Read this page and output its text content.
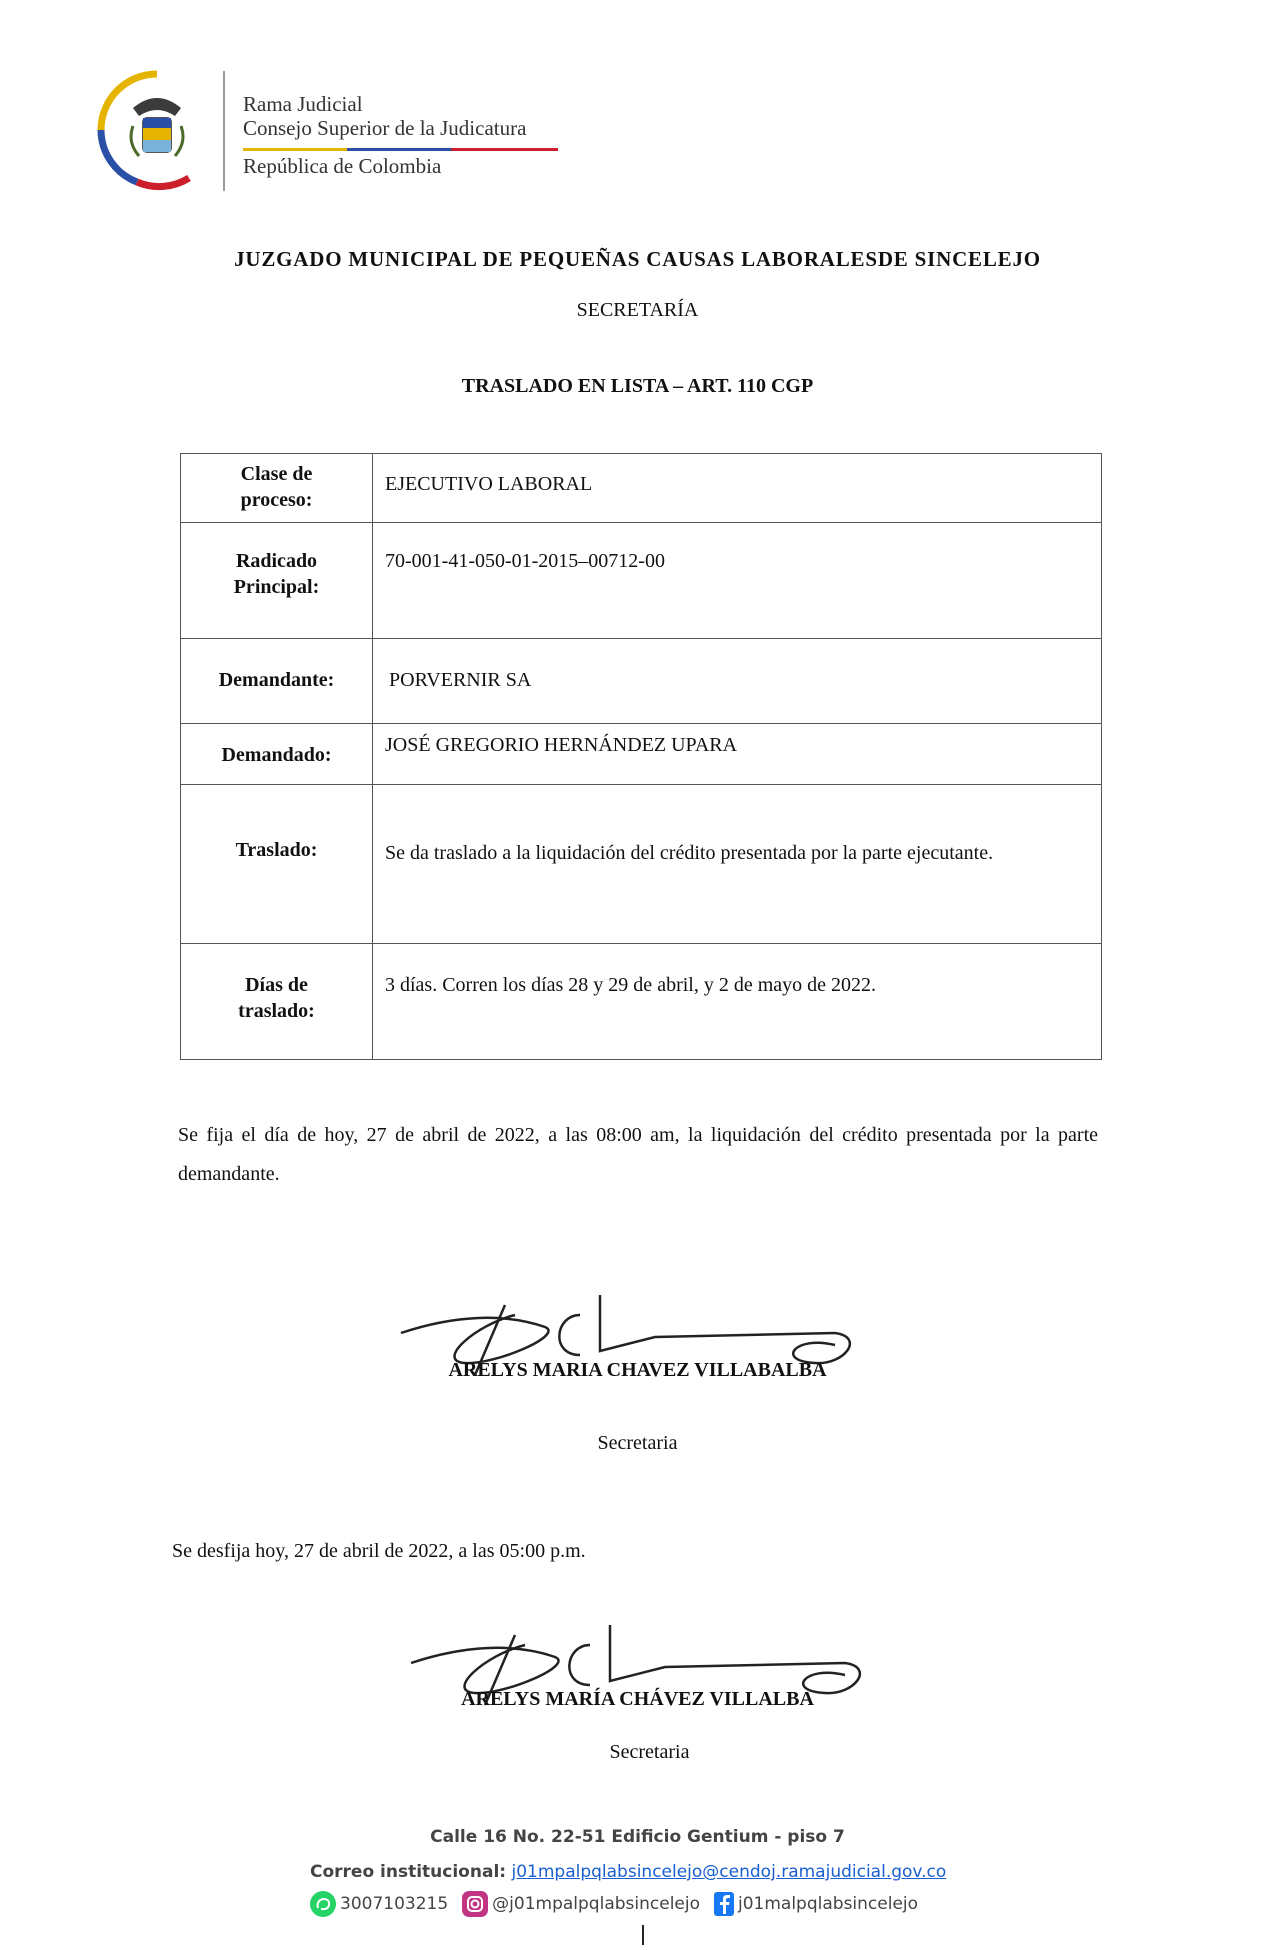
Rama Judicial
Consejo Superior de la Judicatura
República de Colombia
JUZGADO MUNICIPAL DE PEQUEÑAS CAUSAS LABORALESDE SINCELEJO
SECRETARÍA
TRASLADO EN LISTA – ART. 110 CGP
Clase de
proceso:	EJECUTIVO LABORAL

Radicado
Principal:	70-001-41-050-01-2015–00712-00

Demandante:	PORVERNIR SA

Demandado:	JOSÉ GREGORIO HERNÁNDEZ UPARA

Traslado:	Se da traslado a la liquidación del crédito presentada por la parte ejecutante.

Días de
traslado:	3 días. Corren los días 28 y 29 de abril, y 2 de mayo de 2022.
Se fija el día de hoy, 27 de abril de 2022, a las 08:00 am, la liquidación del crédito presentada por la parte demandante.
ARELYS MARIA CHAVEZ VILLABALBA
Secretaria
Se desfija hoy, 27 de abril de 2022, a las 05:00 p.m.
ARELYS MARÍA CHÁVEZ VILLALBA
Secretaria
Calle 16 No. 22-51 Edificio Gentium - piso 7
Correo institucional: j01mpalpqlabsincelejo@cendoj.ramajudicial.gov.co
3007103215	@j01mpalpqlabsincelejo j01malpqlabsincelejo
